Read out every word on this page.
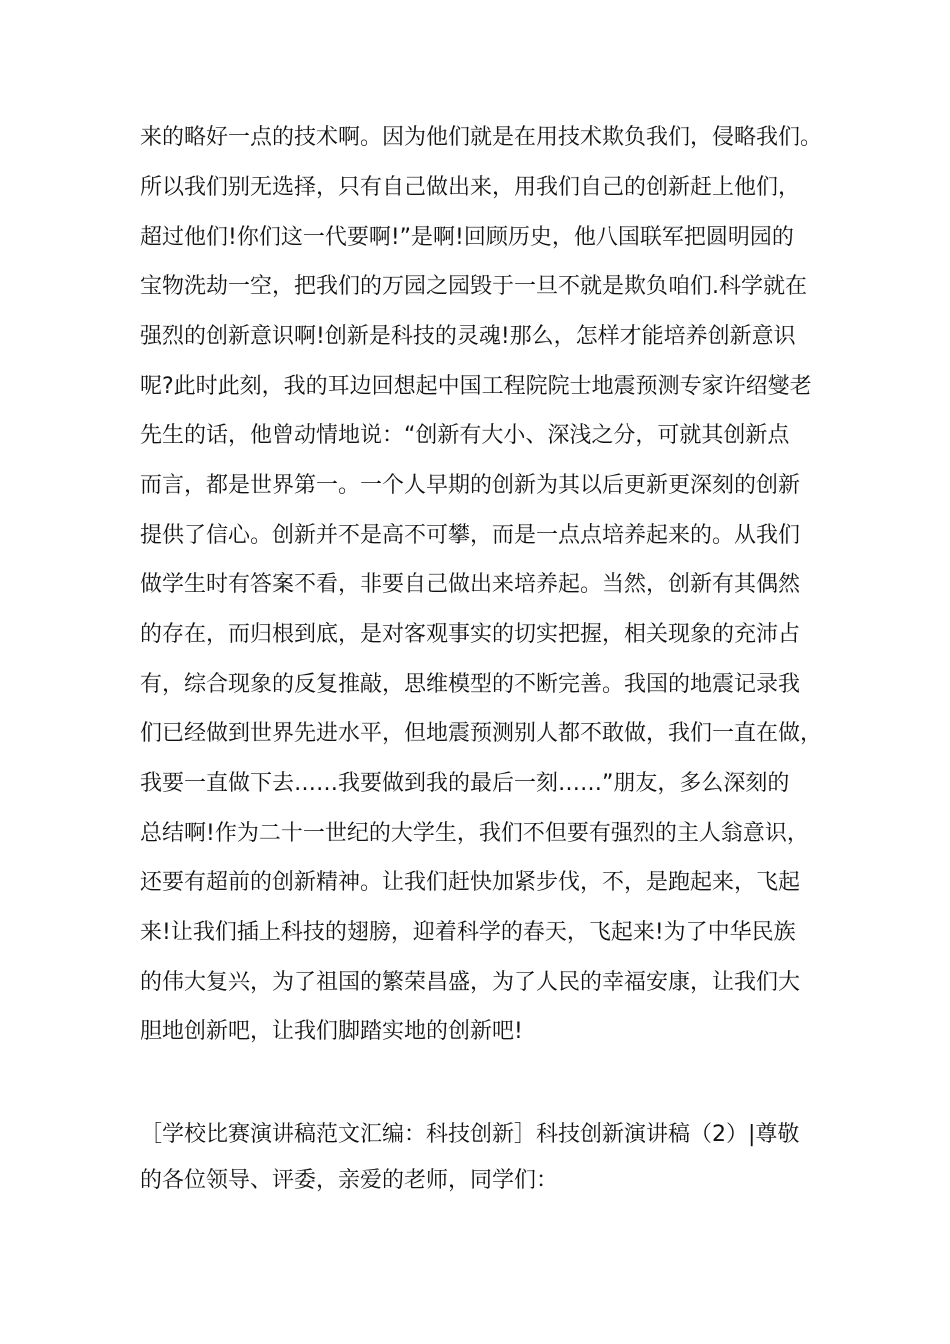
来的略好一点的技术啊。因为他们就是在用技术欺负我们，侵略我们。

所以我们别无选择，只有自己做出来，用我们自己的创新赶上他们，

超过他们!你们这一代要啊!”是啊!回顾历史，他八国联军把圆明园的

宝物洗劫一空，把我们的万园之园毁于一旦不就是欺负咱们.科学就在

强烈的创新意识啊!创新是科技的灵魂!那么，怎样才能培养创新意识

呢?此时此刻，我的耳边回想起中国工程院院士地震预测专家许绍燮老

先生的话，他曾动情地说：“创新有大小、深浅之分，可就其创新点

而言，都是世界第一。一个人早期的创新为其以后更新更深刻的创新

提供了信心。创新并不是高不可攀，而是一点点培养起来的。从我们

做学生时有答案不看，非要自己做出来培养起。当然，创新有其偶然

的存在，而归根到底，是对客观事实的切实把握，相关现象的充沛占

有，综合现象的反复推敲，思维模型的不断完善。我国的地震记录我

们已经做到世界先进水平，但地震预测别人都不敢做，我们一直在做，

我要一直做下去……我要做到我的最后一刻……”朋友，多么深刻的

总结啊!作为二十一世纪的大学生，我们不但要有强烈的主人翁意识，

还要有超前的创新精神。让我们赶快加紧步伐，不，是跑起来，飞起

来!让我们插上科技的翅膀，迎着科学的春天，飞起来!为了中华民族

的伟大复兴，为了祖国的繁荣昌盛，为了人民的幸福安康，让我们大

胆地创新吧，让我们脚踏实地的创新吧!

［学校比赛演讲稿范文汇编：科技创新］科技创新演讲稿（2）|尊敬

的各位领导、评委，亲爱的老师，同学们：
